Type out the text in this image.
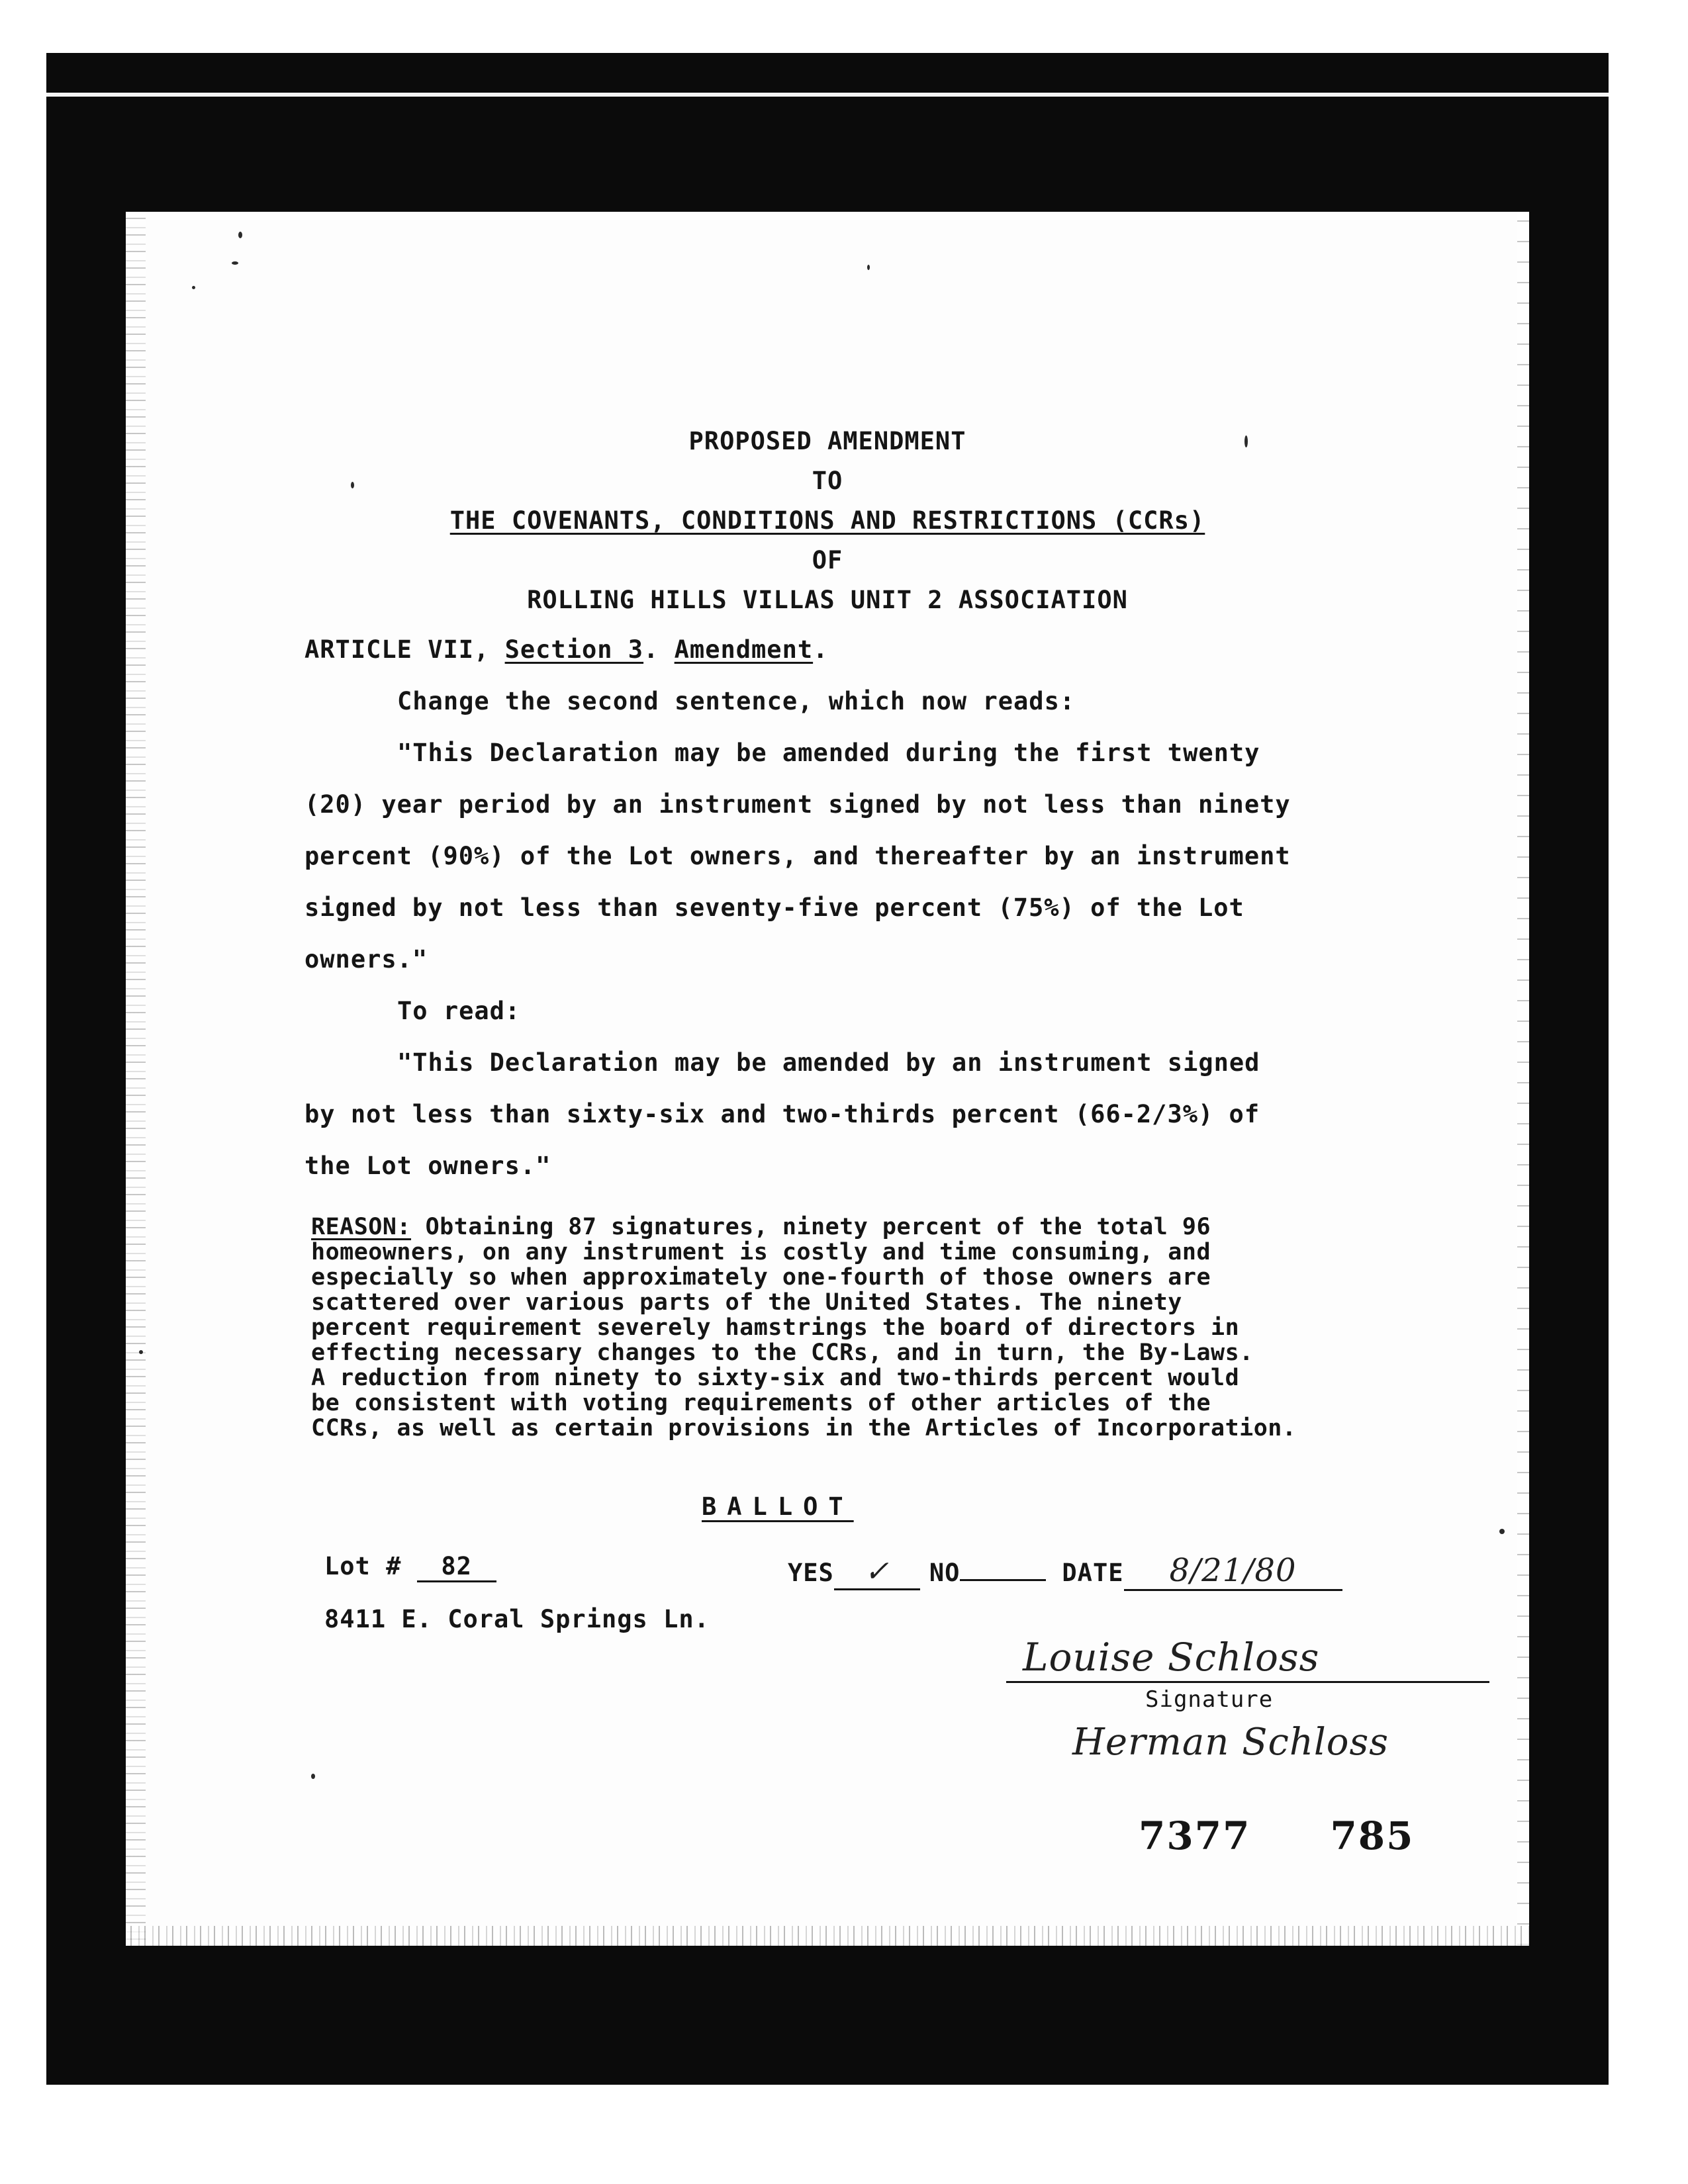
PROPOSED AMENDMENT
TO
THE COVENANTS, CONDITIONS AND RESTRICTIONS (CCRs)
OF
ROLLING HILLS VILLAS UNIT 2 ASSOCIATION
ARTICLE VII, Section 3. Amendment.
Change the second sentence, which now reads:
"This Declaration may be amended during the first twenty
(20) year period by an instrument signed by not less than ninety
percent (90%) of the Lot owners, and thereafter by an instrument
signed by not less than seventy-five percent (75%) of the Lot
owners."
To read:
"This Declaration may be amended by an instrument signed
by not less than sixty-six and two-thirds percent (66-2/3%) of
the Lot owners."
REASON: Obtaining 87 signatures, ninety percent of the total 96
homeowners, on any instrument is costly and time consuming, and
especially so when approximately one-fourth of those owners are
scattered over various parts of the United States. The ninety
percent requirement severely hamstrings the board of directors in
effecting necessary changes to the CCRs, and in turn, the By-Laws.
A reduction from ninety to sixty-six and two-thirds percent would
be consistent with voting requirements of other articles of the
CCRs, as well as certain provisions in the Articles of Incorporation.
BALLOT
Lot # 82	YES ✓ NO	DATE 8/21/80
8411 E. Coral Springs Ln.
Louise Schloss
Signature
Herman Schloss
7377 785
